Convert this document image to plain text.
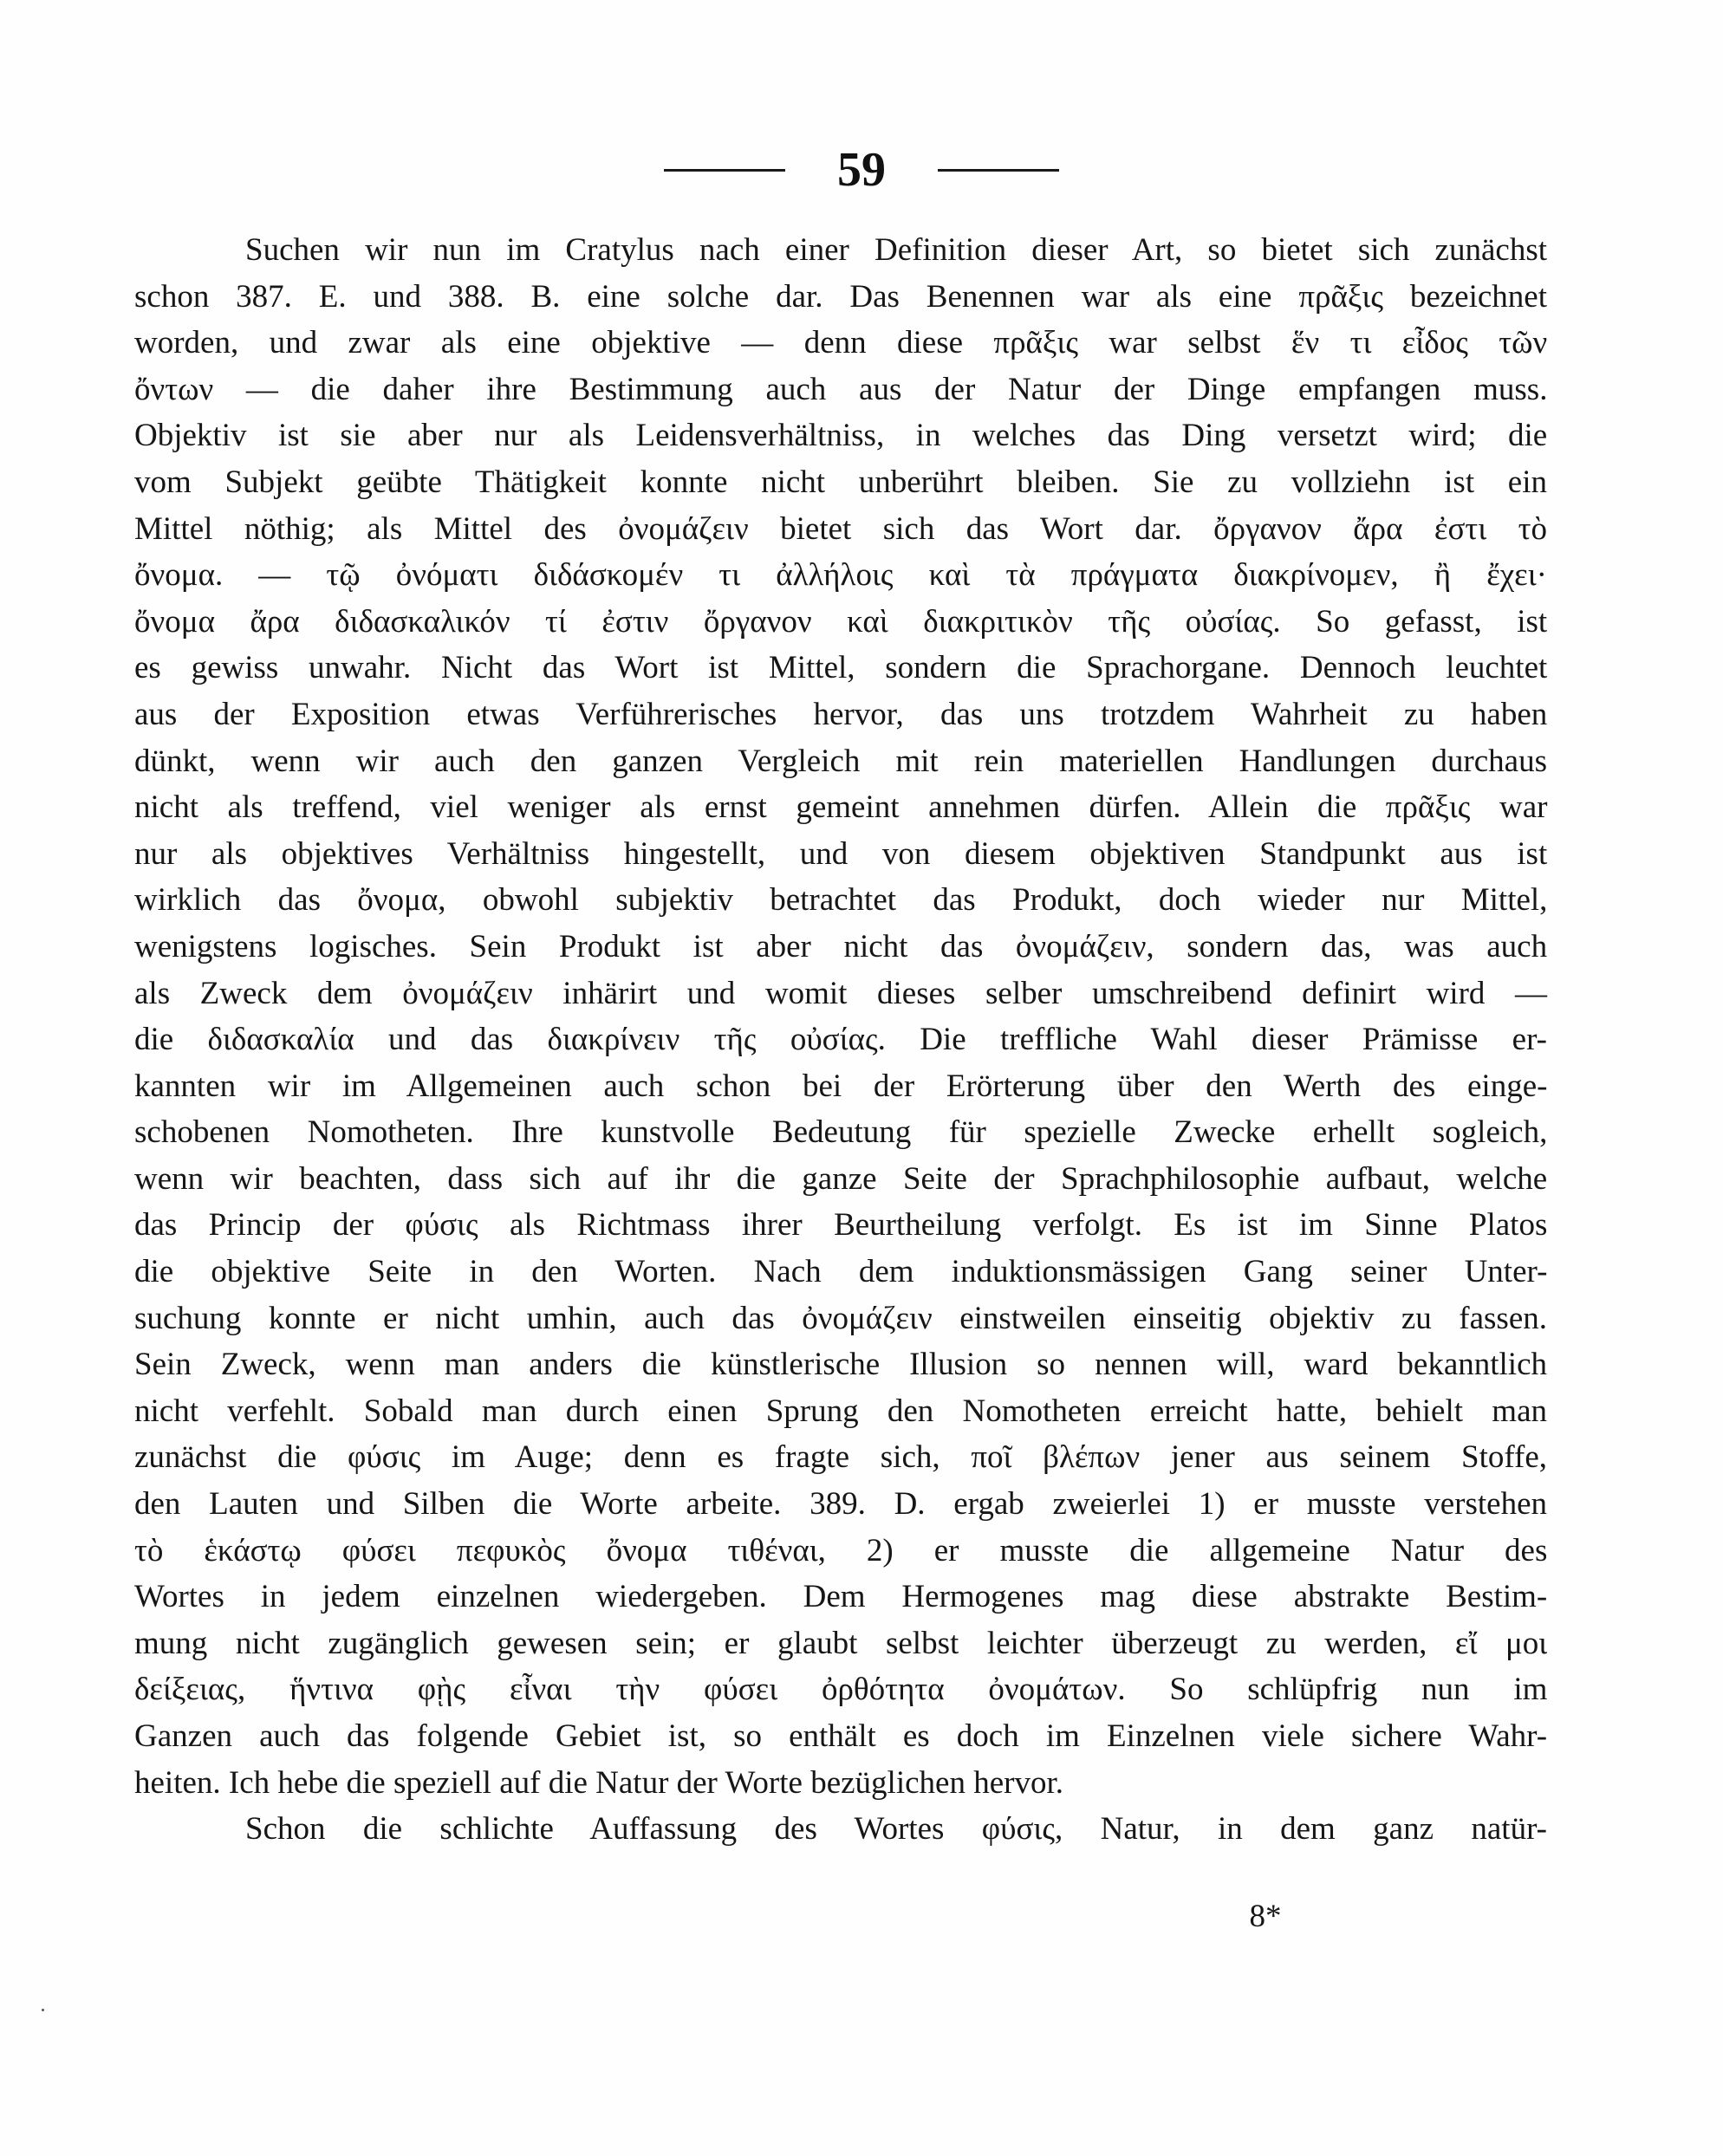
59
Suchen wir nun im Cratylus nach einer Definition dieser Art, so bietet sich zunächst
schon 387. E. und 388. B. eine solche dar. Das Benennen war als eine πρᾶξις bezeichnet
worden, und zwar als eine objektive — denn diese πρᾶξις war selbst ἕν τι εἶδος τῶν
ὄντων — die daher ihre Bestimmung auch aus der Natur der Dinge empfangen muss.
Objektiv ist sie aber nur als Leidensverhältniss, in welches das Ding versetzt wird; die
vom Subjekt geübte Thätigkeit konnte nicht unberührt bleiben. Sie zu vollziehn ist ein
Mittel nöthig; als Mittel des ὀνομάζειν bietet sich das Wort dar. ὄργανον ἄρα ἐστι τὸ
ὄνομα. — τῷ ὀνόματι διδάσκομέν τι ἀλλήλοις καὶ τὰ πράγματα διακρίνομεν, ἢ ἔχει·
ὄνομα ἄρα διδασκαλικόν τί ἐστιν ὄργανον καὶ διακριτικὸν τῆς οὐσίας. So gefasst, ist
es gewiss unwahr. Nicht das Wort ist Mittel, sondern die Sprachorgane. Dennoch leuchtet
aus der Exposition etwas Verführerisches hervor, das uns trotzdem Wahrheit zu haben
dünkt, wenn wir auch den ganzen Vergleich mit rein materiellen Handlungen durchaus
nicht als treffend, viel weniger als ernst gemeint annehmen dürfen. Allein die πρᾶξις war
nur als objektives Verhältniss hingestellt, und von diesem objektiven Standpunkt aus ist
wirklich das ὄνομα, obwohl subjektiv betrachtet das Produkt, doch wieder nur Mittel,
wenigstens logisches. Sein Produkt ist aber nicht das ὀνομάζειν, sondern das, was auch
als Zweck dem ὀνομάζειν inhärirt und womit dieses selber umschreibend definirt wird —
die διδασκαλία und das διακρίνειν τῆς οὐσίας. Die treffliche Wahl dieser Prämisse er-
kannten wir im Allgemeinen auch schon bei der Erörterung über den Werth des einge-
schobenen Nomotheten. Ihre kunstvolle Bedeutung für spezielle Zwecke erhellt sogleich,
wenn wir beachten, dass sich auf ihr die ganze Seite der Sprachphilosophie aufbaut, welche
das Princip der φύσις als Richtmass ihrer Beurtheilung verfolgt. Es ist im Sinne Platos
die objektive Seite in den Worten. Nach dem induktionsmässigen Gang seiner Unter-
suchung konnte er nicht umhin, auch das ὀνομάζειν einstweilen einseitig objektiv zu fassen.
Sein Zweck, wenn man anders die künstlerische Illusion so nennen will, ward bekanntlich
nicht verfehlt. Sobald man durch einen Sprung den Nomotheten erreicht hatte, behielt man
zunächst die φύσις im Auge; denn es fragte sich, ποῖ βλέπων jener aus seinem Stoffe,
den Lauten und Silben die Worte arbeite. 389. D. ergab zweierlei 1) er musste verstehen
τὸ ἑκάστῳ φύσει πεφυκὸς ὄνομα τιθέναι, 2) er musste die allgemeine Natur des
Wortes in jedem einzelnen wiedergeben. Dem Hermogenes mag diese abstrakte Bestim-
mung nicht zugänglich gewesen sein; er glaubt selbst leichter überzeugt zu werden, εἴ μοι
δείξειας, ἥντινα φῂς εἶναι τὴν φύσει ὀρθότητα ὀνομάτων. So schlüpfrig nun im
Ganzen auch das folgende Gebiet ist, so enthält es doch im Einzelnen viele sichere Wahr-
heiten. Ich hebe die speziell auf die Natur der Worte bezüglichen hervor.
Schon die schlichte Auffassung des Wortes φύσις, Natur, in dem ganz natür-
8*
